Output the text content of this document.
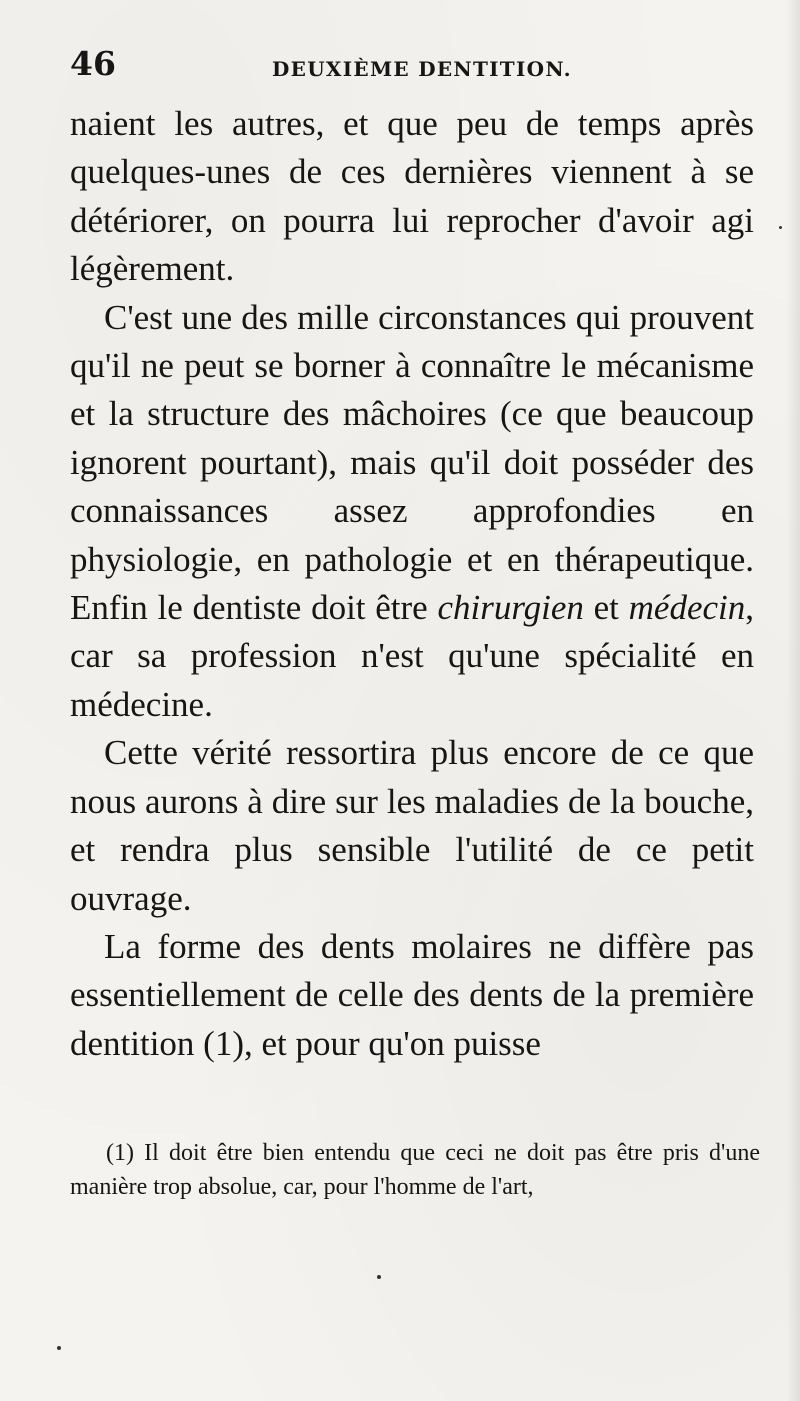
46	DEUXIÈME DENTITION.

naient les autres, et que peu de temps après quelques-unes de ces dernières viennent à se détériorer, on pourra lui reprocher d'avoir agi légèrement.

C'est une des mille circonstances qui prouvent qu'il ne peut se borner à connaître le mécanisme et la structure des mâchoires (ce que beaucoup ignorent pourtant), mais qu'il doit posséder des connaissances assez approfondies en physiologie, en pathologie et en thérapeutique. Enfin le dentiste doit être chirurgien et médecin, car sa profession n'est qu'une spécialité en médecine.

Cette vérité ressortira plus encore de ce que nous aurons à dire sur les maladies de la bouche, et rendra plus sensible l'utilité de ce petit ouvrage.

La forme des dents molaires ne diffère pas essentiellement de celle des dents de la première dentition (1), et pour qu'on puisse

(1) Il doit être bien entendu que ceci ne doit pas être pris d'une manière trop absolue, car, pour l'homme de l'art,
